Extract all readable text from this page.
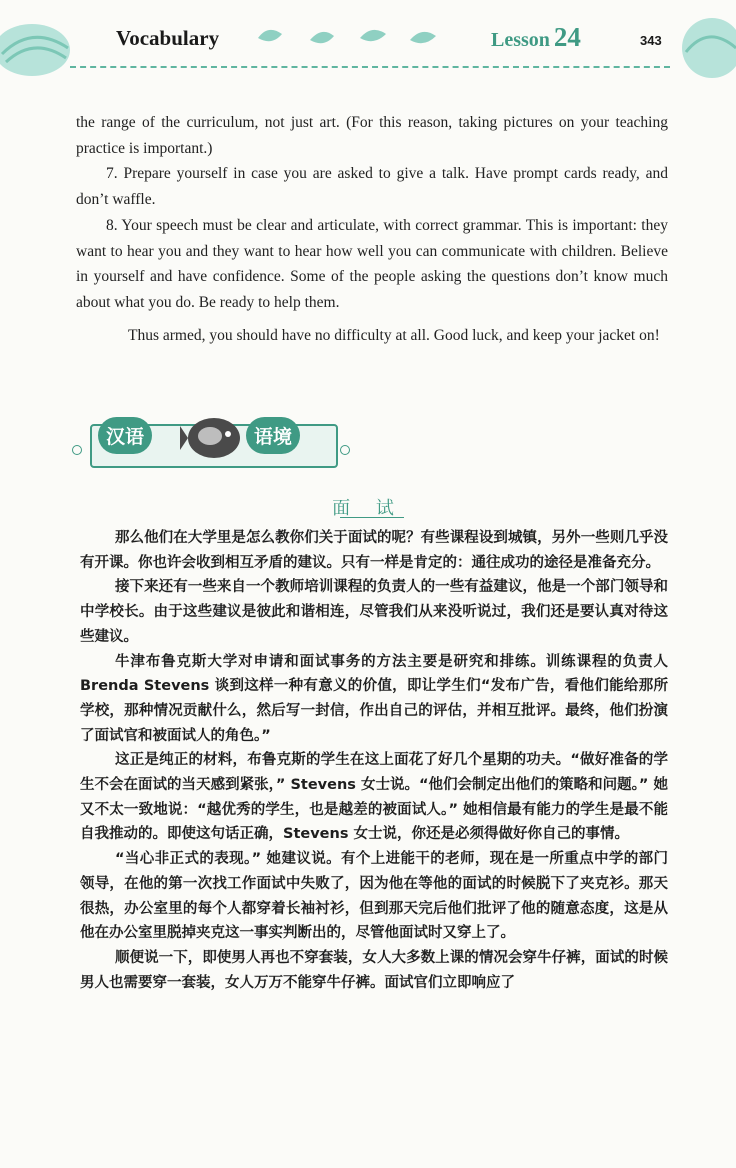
Vocabulary	Lesson 24	343

the range of the curriculum, not just art. (For this reason, taking pictures on your teaching practice is important.)

7. Prepare yourself in case you are asked to give a talk. Have prompt cards ready, and don’t waffle.

8. Your speech must be clear and articulate, with correct grammar. This is important: they want to hear you and they want to hear how well you can communicate with children. Believe in yourself and have confidence. Some of the people asking the questions don’t know much about what you do. Be ready to help them.

Thus armed, you should have no difficulty at all. Good luck, and keep your jacket on!

汉语	语境
面 试

那么他们在大学里是怎么教你们关于面试的呢？有些课程设到城镇，另外一些则几乎没有开课。你也许会收到相互矛盾的建议。只有一样是肯定的：通往成功的途径是准备充分。

接下来还有一些来自一个教师培训课程的负责人的一些有益建议，他是一个部门领导和中学校长。由于这些建议是彼此和谐相连，尽管我们从来没听说过，我们还是要认真对待这些建议。

牛津布鲁克斯大学对申请和面试事务的方法主要是研究和排练。训练课程的负责人 Brenda Stevens 谈到这样一种有意义的价值，即让学生们“发布广告，看他们能给那所学校，那种情况贡献什么，然后写一封信，作出自己的评估，并相互批评。最终，他们扮演了面试官和被面试人的角色。”

这正是纯正的材料，布鲁克斯的学生在这上面花了好几个星期的功夫。“做好准备的学生不会在面试的当天感到紧张，” Stevens 女士说。“他们会制定出他们的策略和问题。” 她又不太一致地说：“越优秀的学生，也是越差的被面试人。” 她相信最有能力的学生是最不能自我推动的。即使这句话正确，Stevens 女士说，你还是必须得做好你自己的事情。

“当心非正式的表现。” 她建议说。有个上进能干的老师，现在是一所重点中学的部门领导，在他的第一次找工作面试中失败了，因为他在等他的面试的时候脱下了夹克衫。那天很热，办公室里的每个人都穿着长袖衬衫，但到那天完后他们批评了他的随意态度，这是从他在办公室里脱掉夹克这一事实判断出的，尽管他面试时又穿上了。

顺便说一下，即使男人再也不穿套装，女人大多数上课的情况会穿牛仔裤，面试的时候男人也需要穿一套装，女人万万不能穿牛仔裤。面试官们立即响应了
